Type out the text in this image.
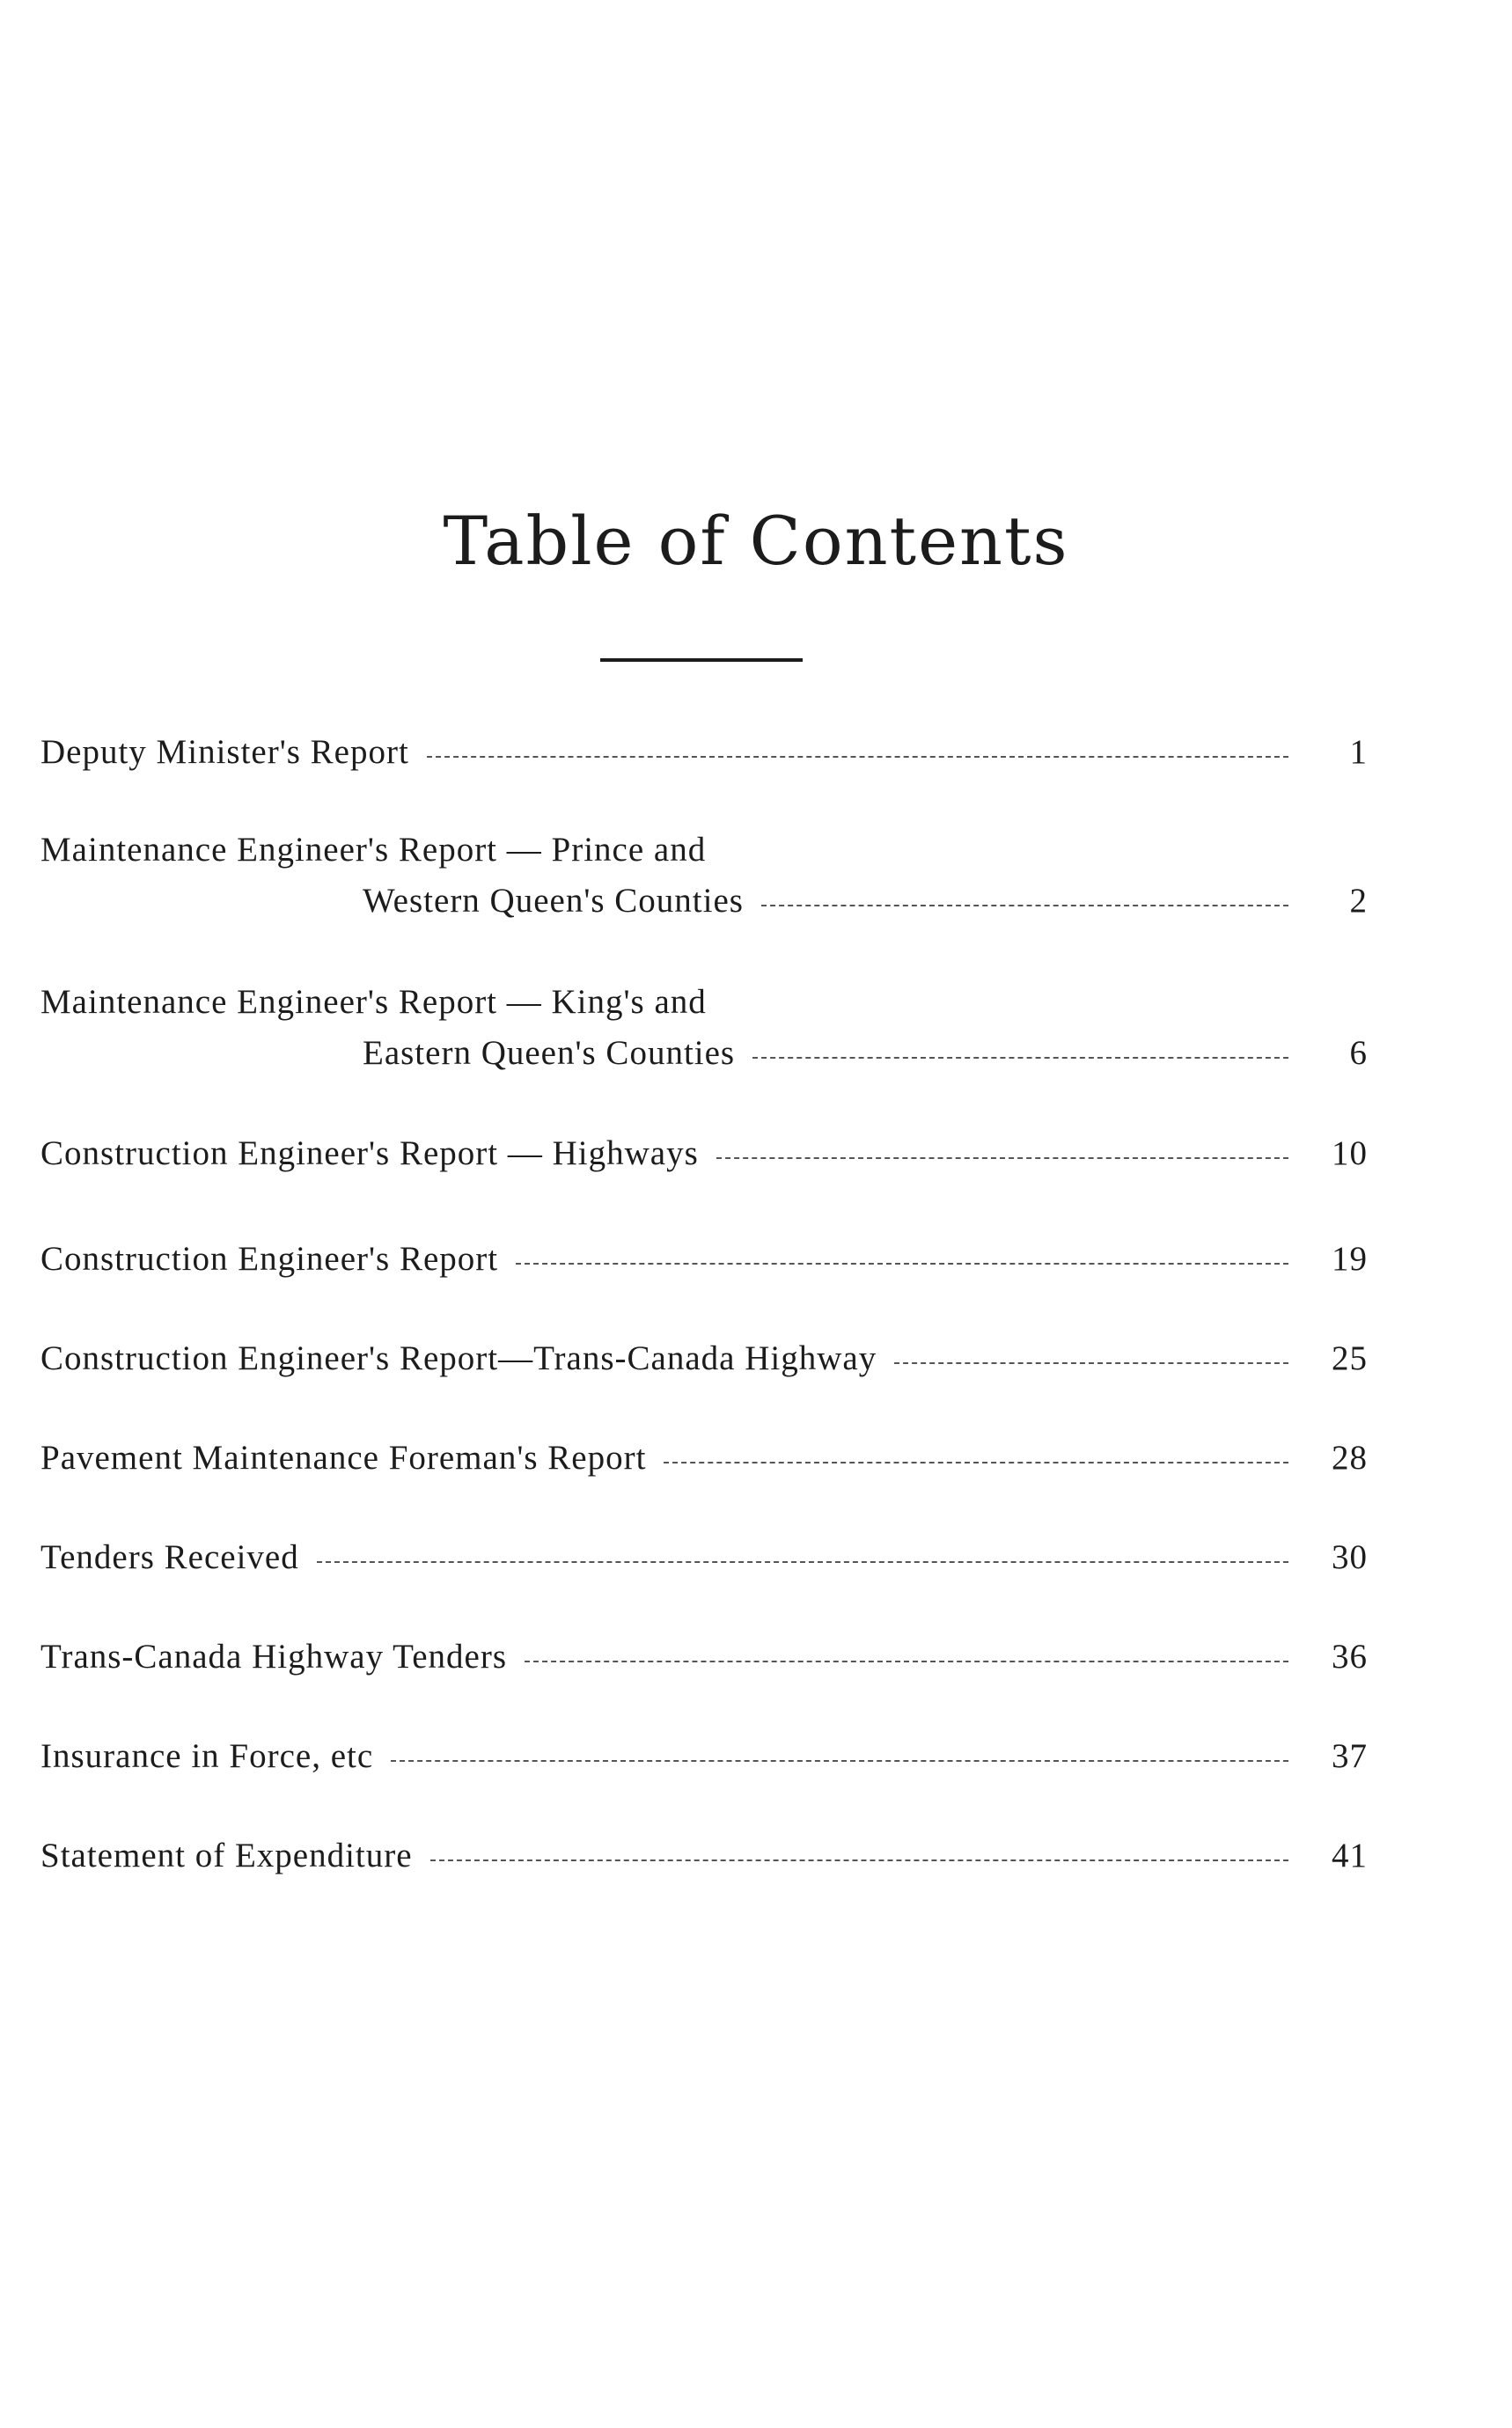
Table of Contents
Deputy Minister's Report	1
Maintenance Engineer's Report — Prince and
Western Queen's Counties	2
Maintenance Engineer's Report — King's and
Eastern Queen's Counties	6
Construction Engineer's Report — Highways	10
Construction Engineer's Report	19
Construction Engineer's Report—Trans-Canada Highway	25
Pavement Maintenance Foreman's Report	28
Tenders Received	30
Trans-Canada Highway Tenders	36
Insurance in Force, etc	37
Statement of Expenditure	41
